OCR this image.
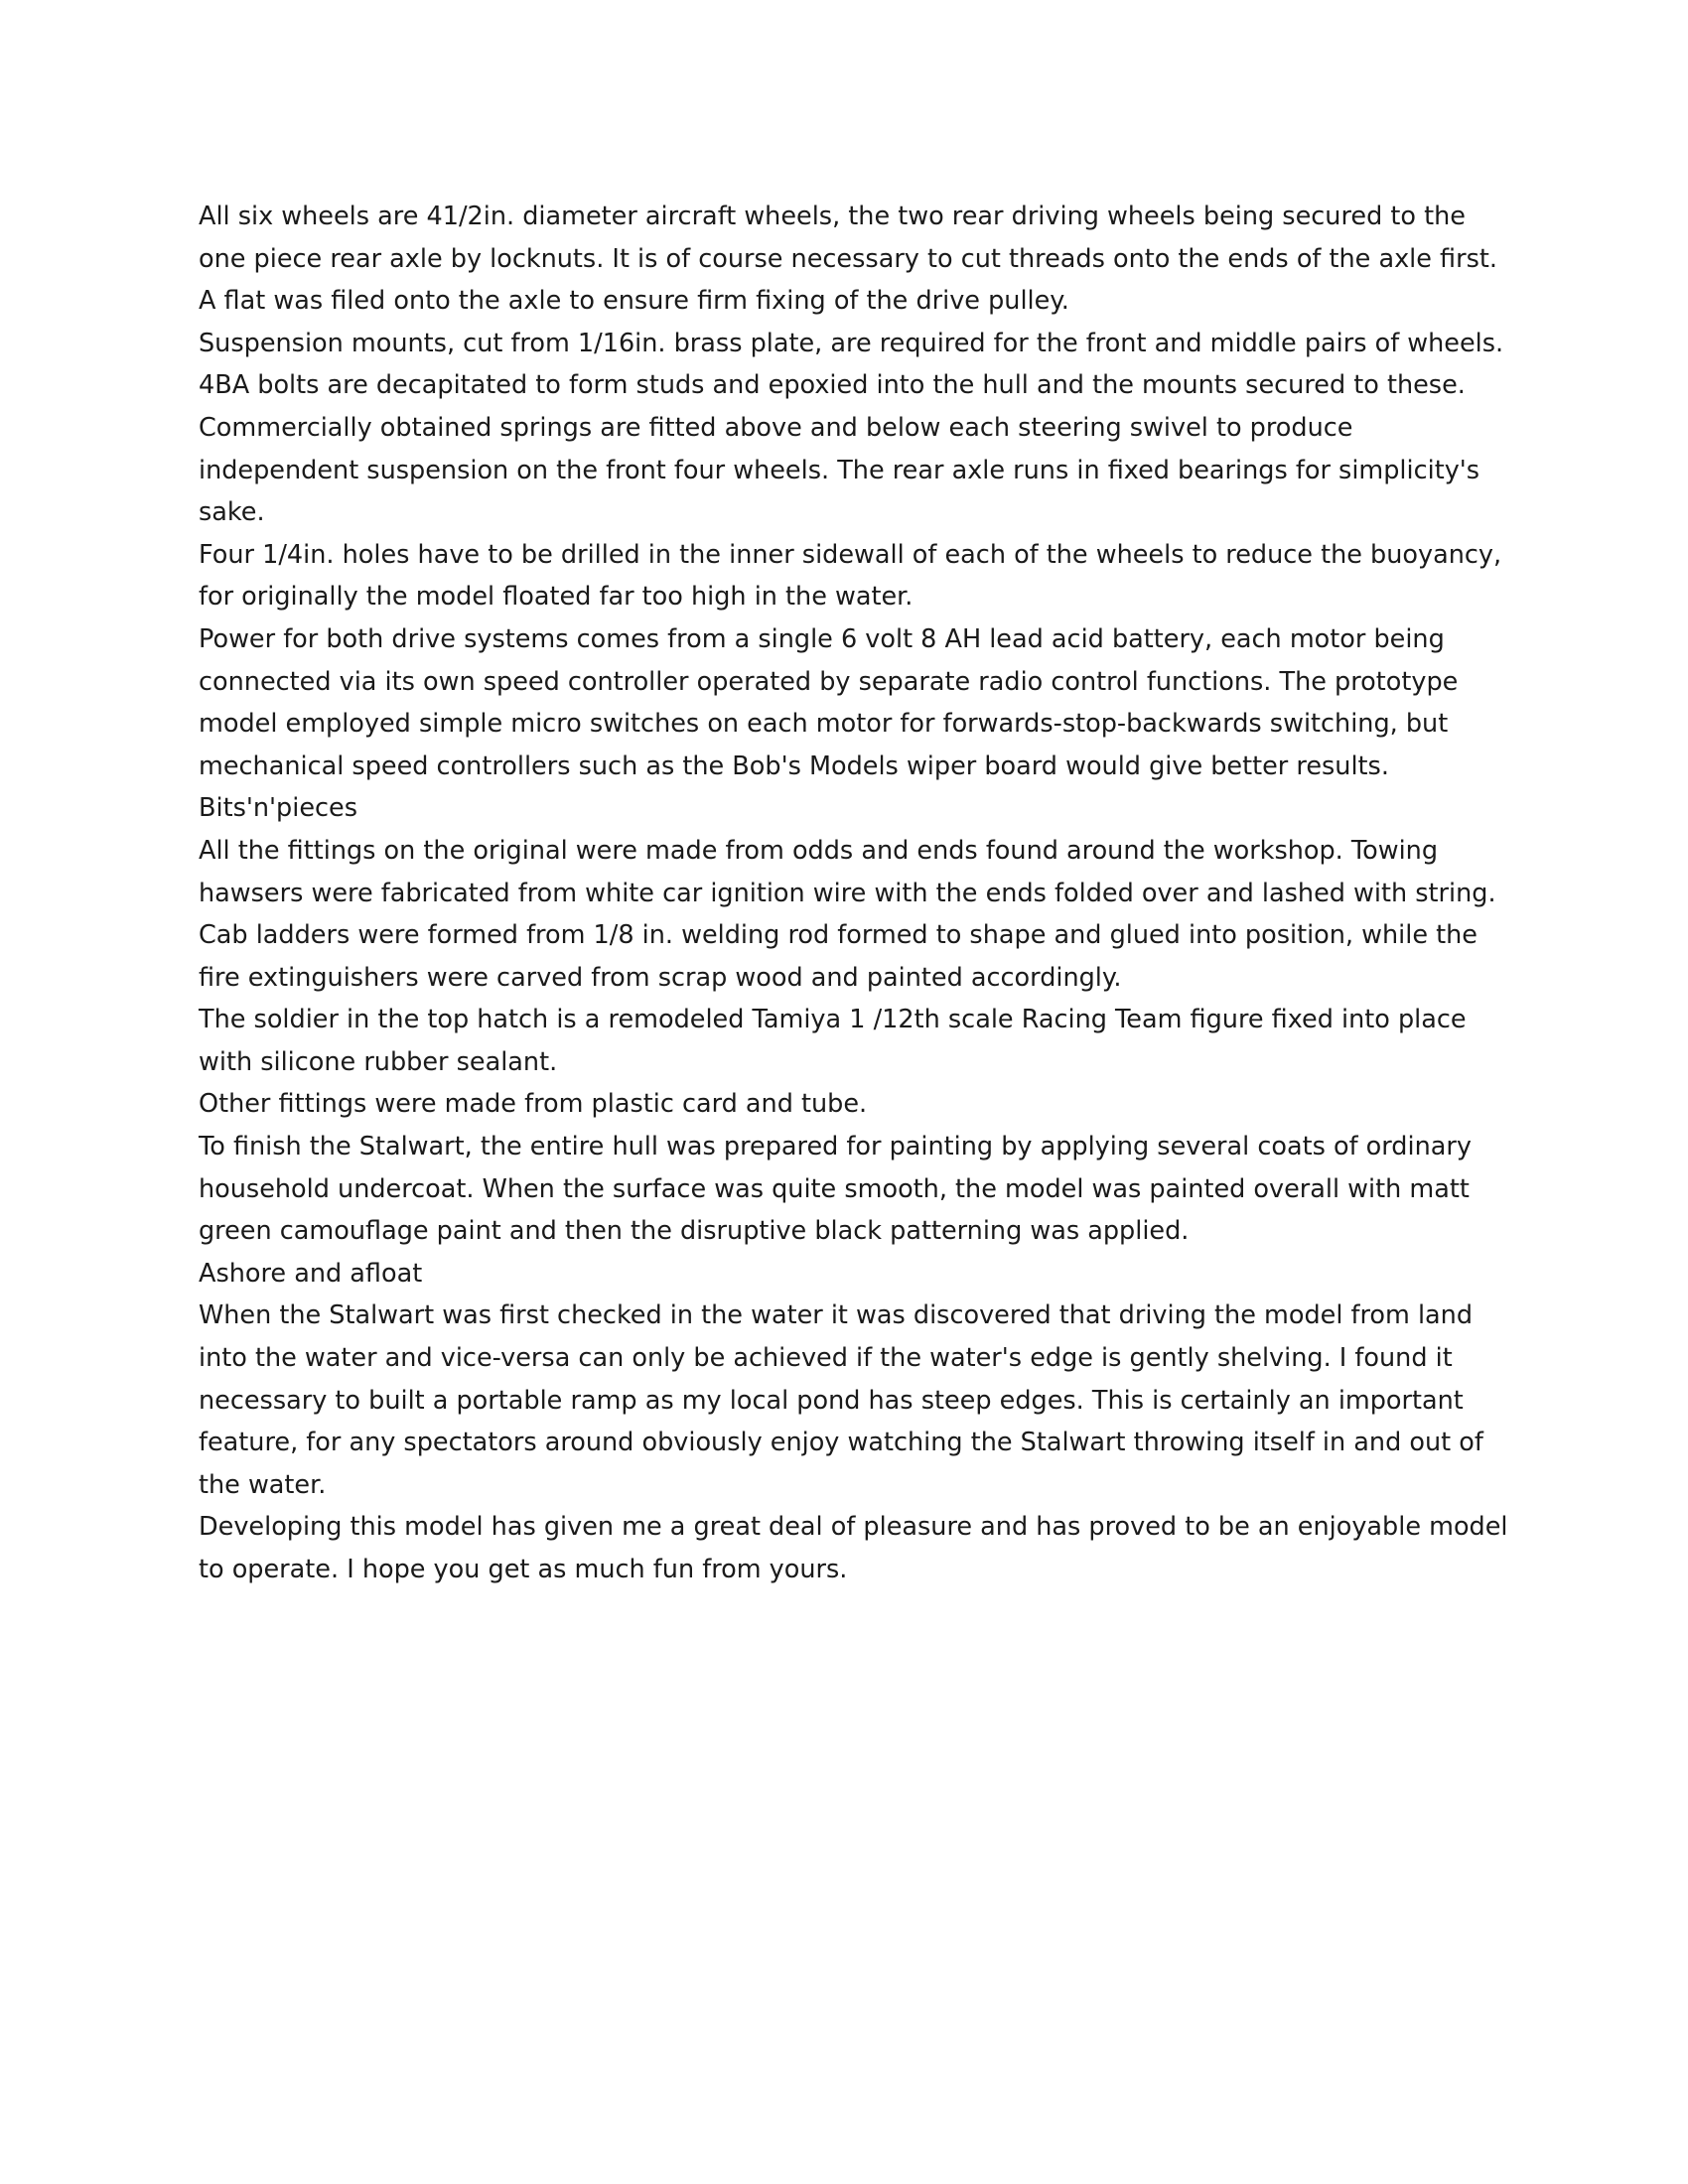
All six wheels are 41/2in. diameter aircraft wheels, the two rear driving wheels being secured to the one piece rear axle by locknuts. It is of course necessary to cut threads onto the ends of the axle first. A flat was filed onto the axle to ensure firm fixing of the drive pulley.

Suspension mounts, cut from 1/16in. brass plate, are required for the front and middle pairs of wheels. 4BA bolts are decapitated to form studs and epoxied into the hull and the mounts secured to these. Commercially obtained springs are fitted above and below each steering swivel to produce independent suspension on the front four wheels. The rear axle runs in fixed bearings for simplicity's sake.

Four 1/4in. holes have to be drilled in the inner sidewall of each of the wheels to reduce the buoyancy, for originally the model floated far too high in the water.

Power for both drive systems comes from a single 6 volt 8 AH lead acid battery, each motor being connected via its own speed controller operated by separate radio control functions. The prototype model employed simple micro switches on each motor for forwards-stop-backwards switching, but mechanical speed controllers such as the Bob's Models wiper board would give better results.

Bits'n'pieces

All the fittings on the original were made from odds and ends found around the workshop. Towing hawsers were fabricated from white car ignition wire with the ends folded over and lashed with string. Cab ladders were formed from 1/8 in. welding rod formed to shape and glued into position, while the fire extinguishers were carved from scrap wood and painted accordingly.

The soldier in the top hatch is a remodeled Tamiya 1 /12th scale Racing Team figure fixed into place with silicone rubber sealant.

Other fittings were made from plastic card and tube.

To finish the Stalwart, the entire hull was prepared for painting by applying several coats of ordinary household undercoat. When the surface was quite smooth, the model was painted overall with matt green camouflage paint and then the disruptive black patterning was applied.

Ashore and afloat

When the Stalwart was first checked in the water it was discovered that driving the model from land into the water and vice-versa can only be achieved if the water's edge is gently shelving. I found it necessary to built a portable ramp as my local pond has steep edges. This is certainly an important feature, for any spectators around obviously enjoy watching the Stalwart throwing itself in and out of the water.

Developing this model has given me a great deal of pleasure and has proved to be an enjoyable model to operate. I hope you get as much fun from yours.
